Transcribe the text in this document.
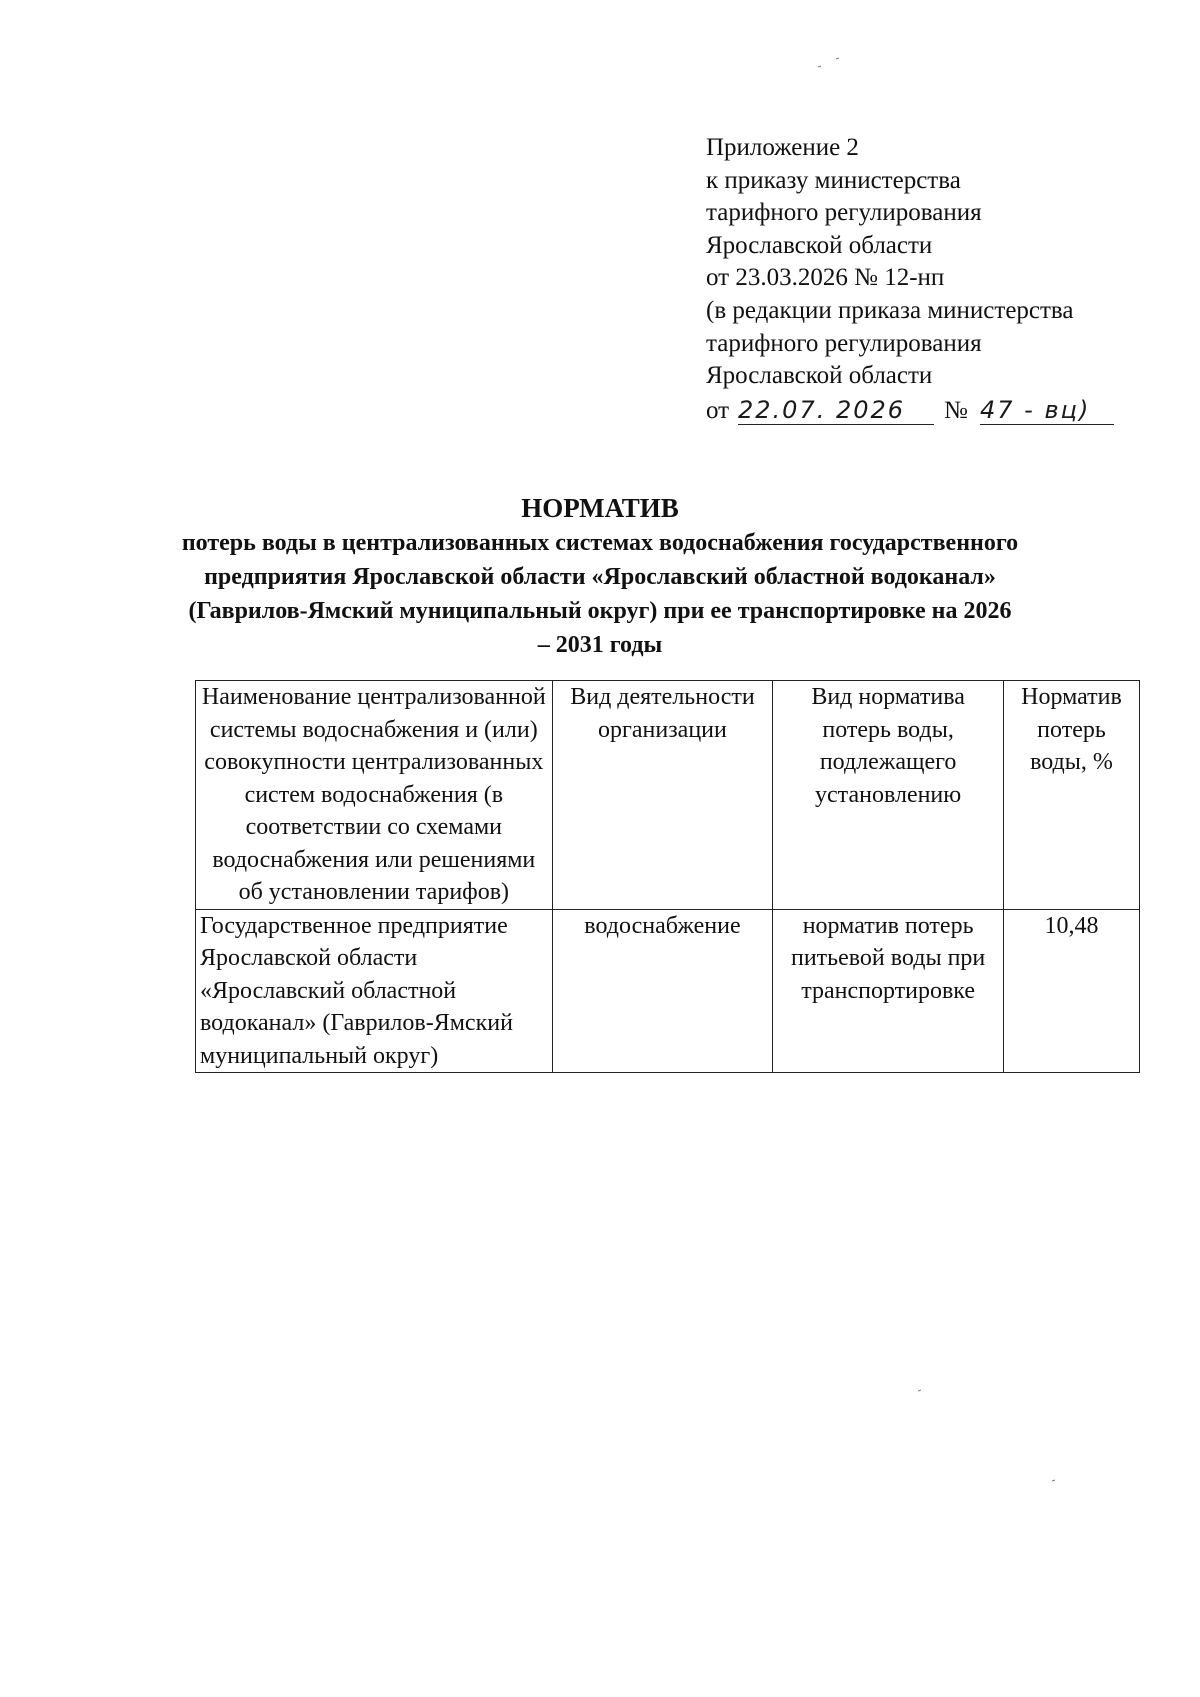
Приложение 2
к приказу министерства
тарифного регулирования
Ярославской области
от 23.03.2026 № 12-нп
(в редакции приказа министерства
тарифного регулирования
Ярославской области
от 22.07. 2026	№ 47 - вц)
НОРМАТИВ
потерь воды в централизованных системах водоснабжения государственного предприятия Ярославской области «Ярославский областной водоканал» (Гаврилов-Ямский муниципальный округ) при ее транспортировке на 2026 – 2031 годы
Наименование централизованной системы водоснабжения и (или) совокупности централизованных систем водоснабжения (в соответствии со схемами водоснабжения или решениями об установлении тарифов)	Вид деятельности организации	Вид норматива потерь воды, подлежащего установлению	Норматив потерь воды, %
Государственное предприятие Ярославской области «Ярославский областной водоканал» (Гаврилов-Ямский муниципальный округ)	водоснабжение	норматив потерь питьевой воды при транспортировке	10,48
